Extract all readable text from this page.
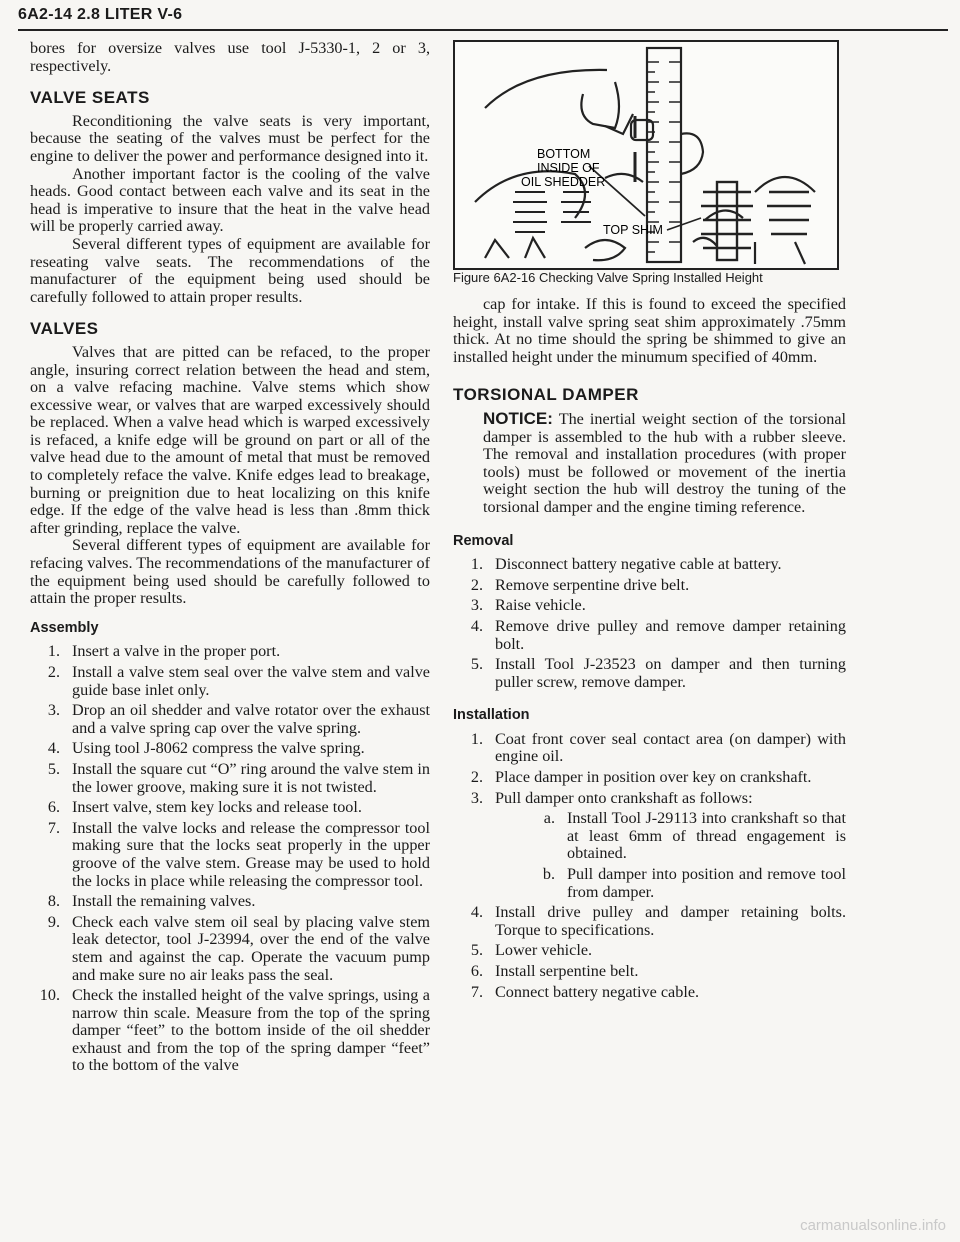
6A2-14 2.8 LITER V-6

bores for oversize valves use tool J-5330-1, 2 or 3, respectively.

VALVE SEATS

Reconditioning the valve seats is very important, because the seating of the valves must be perfect for the engine to deliver the power and performance designed into it.

Another important factor is the cooling of the valve heads. Good contact between each valve and its seat in the head is imperative to insure that the heat in the valve head will be properly carried away.

Several different types of equipment are available for reseating valve seats. The recommendations of the manufacturer of the equipment being used should be carefully followed to attain proper results.

VALVES

Valves that are pitted can be refaced, to the proper angle, insuring correct relation between the head and stem, on a valve refacing machine. Valve stems which show excessive wear, or valves that are warped excessively should be replaced. When a valve head which is warped excessively is refaced, a knife edge will be ground on part or all of the valve head due to the amount of metal that must be removed to completely reface the valve. Knife edges lead to breakage, burning or preignition due to heat localizing on this knife edge. If the edge of the valve head is less than .8mm thick after grinding, replace the valve.

Several different types of equipment are available for refacing valves. The recommendations of the manufacturer of the equipment being used should be carefully followed to attain the proper results.

Assembly
1. Insert a valve in the proper port.
2. Install a valve stem seal over the valve stem and valve guide base inlet only.
3. Drop an oil shedder and valve rotator over the exhaust and a valve spring cap over the valve spring.
4. Using tool J-8062 compress the valve spring.
5. Install the square cut “O” ring around the valve stem in the lower groove, making sure it is not twisted.
6. Insert valve, stem key locks and release tool.
7. Install the valve locks and release the compressor tool making sure that the locks seat properly in the upper groove of the valve stem. Grease may be used to hold the locks in place while releasing the compressor tool.
8. Install the remaining valves.
9. Check each valve stem oil seal by placing valve stem leak detector, tool J-23994, over the end of the valve stem and against the cap. Operate the vacuum pump and make sure no air leaks pass the seal.
10. Check the installed height of the valve springs, using a narrow thin scale. Measure from the top of the spring damper “feet” to the bottom inside of the oil shedder exhaust and from the top of the spring damper “feet” to the bottom of the valve
BOTTOM
INSIDE OF
OIL SHEDDER
TOP SHIM
Figure 6A2-16 Checking Valve Spring Installed Height

cap for intake. If this is found to exceed the specified height, install valve spring seat shim approximately .75mm thick. At no time should the spring be shimmed to give an installed height under the minumum specified of 40mm.

TORSIONAL DAMPER

NOTICE: The inertial weight section of the torsional damper is assembled to the hub with a rubber sleeve. The removal and installation procedures (with proper tools) must be followed or movement of the inertia weight section the hub will destroy the tuning of the torsional damper and the engine timing reference.

Removal
1. Disconnect battery negative cable at battery.
2. Remove serpentine drive belt.
3. Raise vehicle.
4. Remove drive pulley and remove damper retaining bolt.
5. Install Tool J-23523 on damper and then turning puller screw, remove damper.
Installation
1. Coat front cover seal contact area (on damper) with engine oil.
2. Place damper in position over key on crankshaft.
3. Pull damper onto crankshaft as follows:
a. Install Tool J-29113 into crankshaft so that at least 6mm of thread engagement is obtained.
b. Pull damper into position and remove tool from damper.
4. Install drive pulley and damper retaining bolts. Torque to specifications.
5. Lower vehicle.
6. Install serpentine belt.
7. Connect battery negative cable.
carmanualsonline.info
